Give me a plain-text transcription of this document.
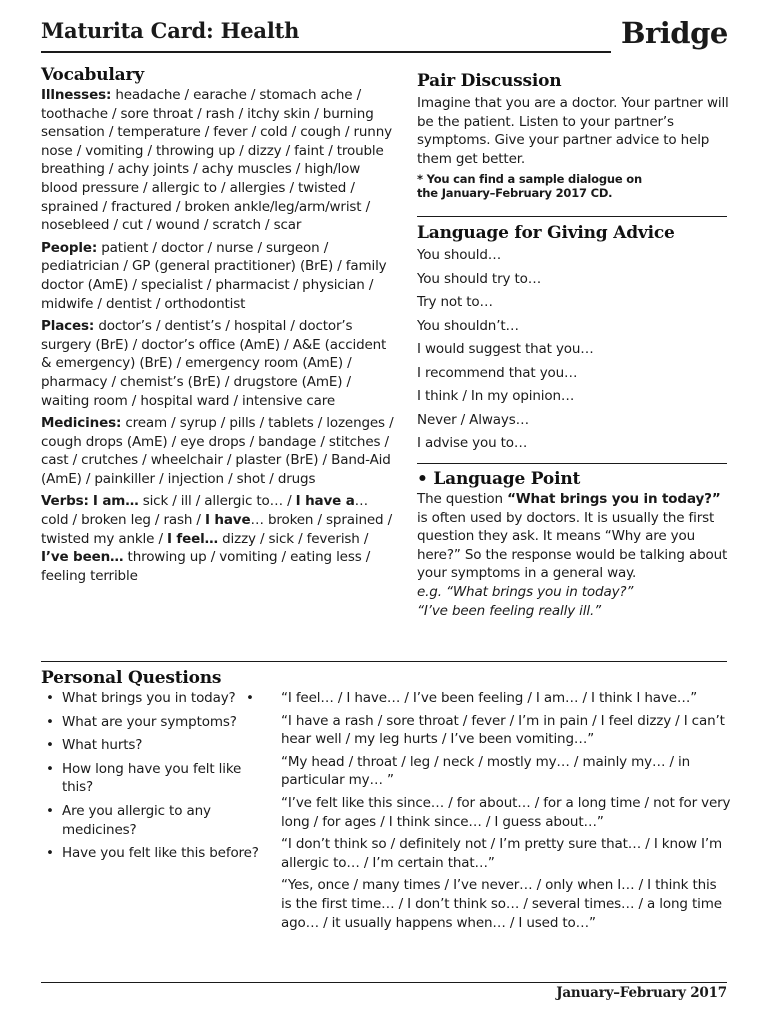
Maturita Card: Health	Bridge
Vocabulary

Illnesses: headache / earache / stomach ache / toothache / sore throat / rash / itchy skin / burning sensation / temperature / fever / cold / cough / runny nose / vomiting / throwing up / dizzy / faint / trouble breathing / achy joints / achy muscles / high/low blood pressure / allergic to / allergies / twisted / sprained / fractured / broken ankle/leg/arm/wrist / nosebleed / cut / wound / scratch / scar

People: patient / doctor / nurse / surgeon / pediatrician / GP (general practitioner) (BrE) / family doctor (AmE) / specialist / pharmacist / physician / midwife / dentist / orthodontist

Places: doctor’s / dentist’s / hospital / doctor’s surgery (BrE) / doctor’s office (AmE) / A&E (accident & emergency) (BrE) / emergency room (AmE) / pharmacy / chemist’s (BrE) / drugstore (AmE) / waiting room / hospital ward / intensive care

Medicines: cream / syrup / pills / tablets / lozenges / cough drops (AmE) / eye drops / bandage / stitches / cast / crutches / wheelchair / plaster (BrE) / Band-Aid (AmE) / painkiller / injection / shot / drugs

Verbs: I am… sick / ill / allergic to… / I have a… cold / broken leg / rash / I have… broken / sprained / twisted my ankle / I feel… dizzy / sick / feverish / I’ve been… throwing up / vomiting / eating less / feeling terrible

Pair Discussion

Imagine that you are a doctor. Your partner will be the patient. Listen to your partner’s symptoms. Give your partner advice to help them get better.

* You can find a sample dialogue on
the January–February 2017 CD.

Language for Giving Advice
You should…
You should try to…
Try not to…
You shouldn’t…
I would suggest that you…
I recommend that you…
I think / In my opinion…
Never / Always…
I advise you to…
• Language Point

The question “What brings you in today?” is often used by doctors. It is usually the first question they ask. It means “Why are you here?” So the response would be talking about your symptoms in a general way.

e.g. “What brings you in today?”
“I’ve been feeling really ill.”

Personal Questions
• What brings you in today?
• What are your symptoms?
• What hurts?
• How long have you felt like this?
• Are you allergic to any medicines?
• Have you felt like this before?
• “I feel… / I have… / I’ve been feeling / I am… / I think I have…”
“I have a rash / sore throat / fever / I’m in pain / I feel dizzy / I can’t hear well / my leg hurts / I’ve been vomiting…”
“My head / throat / leg / neck / mostly my… / mainly my… / in particular my… ”
“I’ve felt like this since… / for about… / for a long time / not for very long / for ages / I think since… / I guess about…”
“I don’t think so / definitely not / I’m pretty sure that… / I know I’m allergic to… / I’m certain that…”
“Yes, once / many times / I’ve never… / only when I… / I think this is the first time… / I don’t think so… / several times… / a long time ago… / it usually happens when… / I used to…”
January–February 2017
